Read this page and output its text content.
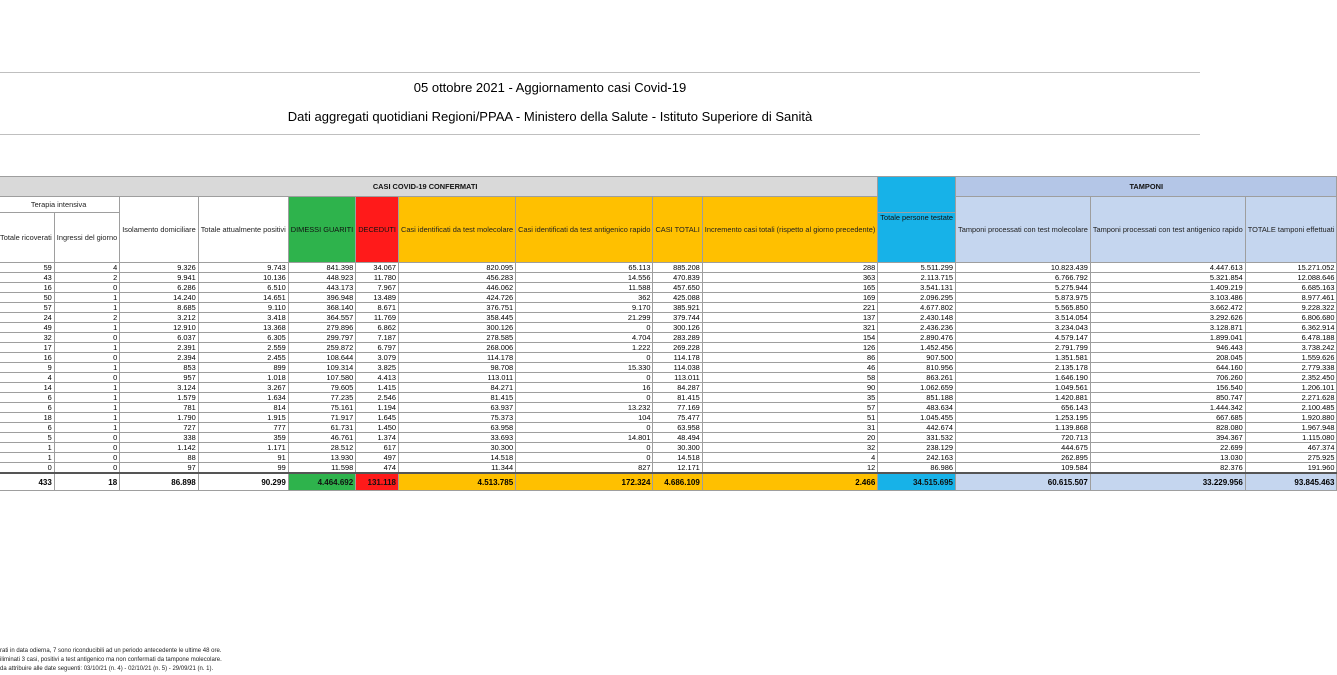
05 ottobre 2021 - Aggiornamento casi Covid-19
Dati aggregati quotidiani Regioni/PPAA - Ministero della Salute - Istituto Superiore di Sanità
CASI COVID-19 CONFERMATI												TAMPONI		
	Terapia intensiva		Isolamento domiciliare	Totale attualmente positivi	DIMESSI GUARITI	DECEDUTI	Casi identificati da test molecolare	Casi identificati da test antigenico rapido	CASI TOTALI	Incremento casi totali (rispetto al giorno precedente)		Tamponi processati con test molecolare	Tamponi processati con test antigenico rapido	TOTALE tamponi effettuati
	Totale ricoverati	Ingressi del giorno									Totale persone testate			
	59	4	9.326	9.743	841.398	34.067	820.095	65.113	885.208	288	5.511.299	10.823.439	4.447.613	15.271.052
	43	2	9.941	10.136	448.923	11.780	456.283	14.556	470.839	363	2.113.715	6.766.792	5.321.854	12.088.646
	16	0	6.286	6.510	443.173	7.967	446.062	11.588	457.650	165	3.541.131	5.275.944	1.409.219	6.685.163
	50	1	14.240	14.651	396.948	13.489	424.726	362	425.088	169	2.096.295	5.873.975	3.103.486	8.977.461
	57	1	8.685	9.110	368.140	8.671	376.751	9.170	385.921	221	4.677.802	5.565.850	3.662.472	9.228.322
	24	2	3.212	3.418	364.557	11.769	358.445	21.299	379.744	137	2.430.148	3.514.054	3.292.626	6.806.680
	49	1	12.910	13.368	279.896	6.862	300.126	0	300.126	321	2.436.236	3.234.043	3.128.871	6.362.914
	32	0	6.037	6.305	299.797	7.187	278.585	4.704	283.289	154	2.890.476	4.579.147	1.899.041	6.478.188
	17	1	2.391	2.559	259.872	6.797	268.006	1.222	269.228	126	1.452.456	2.791.799	946.443	3.738.242
	16	0	2.394	2.455	108.644	3.079	114.178	0	114.178	86	907.500	1.351.581	208.045	1.559.626
	9	1	853	899	109.314	3.825	98.708	15.330	114.038	46	810.956	2.135.178	644.160	2.779.338
	4	0	957	1.018	107.580	4.413	113.011	0	113.011	58	863.261	1.646.190	706.260	2.352.450
	14	1	3.124	3.267	79.605	1.415	84.271	16	84.287	90	1.062.659	1.049.561	156.540	1.206.101
	6	1	1.579	1.634	77.235	2.546	81.415	0	81.415	35	851.188	1.420.881	850.747	2.271.628
	6	1	781	814	75.161	1.194	63.937	13.232	77.169	57	483.634	656.143	1.444.342	2.100.485
	18	1	1.790	1.915	71.917	1.645	75.373	104	75.477	51	1.045.455	1.253.195	667.685	1.920.880
	6	1	727	777	61.731	1.450	63.958	0	63.958	31	442.674	1.139.868	828.080	1.967.948
	5	0	338	359	46.761	1.374	33.693	14.801	48.494	20	331.532	720.713	394.367	1.115.080
	1	0	1.142	1.171	28.512	617	30.300	0	30.300	32	238.129	444.675	22.699	467.374
	1	0	88	91	13.930	497	14.518	0	14.518	4	242.163	262.895	13.030	275.925
	0	0	97	99	11.598	474	11.344	827	12.171	12	86.986	109.584	82.376	191.960
	433	18	86.898	90.299	4.464.692	131.118	4.513.785	172.324	4.686.109	2.466	34.515.695	60.615.507	33.229.956	93.845.463
rati in data odierna, 7 sono riconducibili ad un periodo antecedente le ultime 48 ore.
iliminati 3 casi, positivi a test antigenico ma non confermati da tampone molecolare.
da attribuire alle date seguenti: 03/10/21 (n. 4) - 02/10/21 (n. 5) - 29/09/21 (n. 1).
